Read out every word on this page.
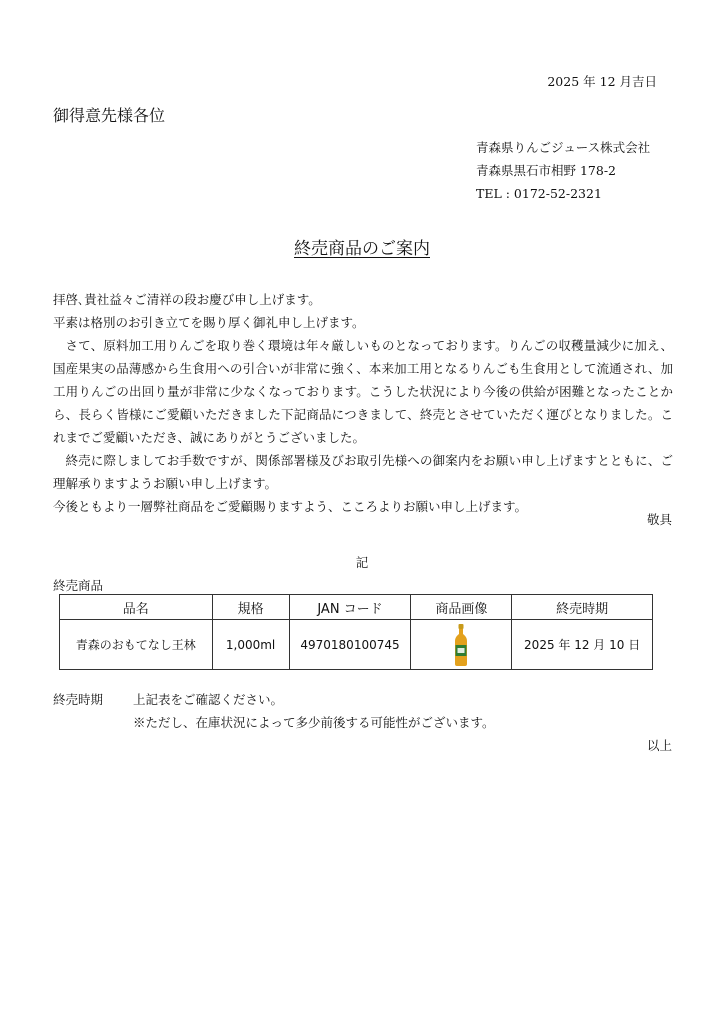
2025 年 12 月吉日
御得意先様各位
青森県りんごジュース株式会社
青森県黒石市相野 178-2
TEL : 0172-52-2321
終売商品のご案内

拝啓､貴社益々ご清祥の段お慶び申し上げます。

平素は格別のお引き立てを賜り厚く御礼申し上げます。

さて、原料加工用りんごを取り巻く環境は年々厳しいものとなっております。りんごの収穫量減少に加え、国産果実の品薄感から生食用への引合いが非常に強く、本来加工用となるりんごも生食用として流通され、加工用りんごの出回り量が非常に少なくなっております。こうした状況により今後の供給が困難となったことから、長らく皆様にご愛顧いただきました下記商品につきまして、終売とさせていただく運びとなりました。これまでご愛顧いただき、誠にありがとうございました。

終売に際しましてお手数ですが、関係部署様及びお取引先様への御案内をお願い申し上げますとともに、ご理解承りますようお願い申し上げます。

今後ともより一層弊社商品をご愛顧賜りますよう、こころよりお願い申し上げます。

敬具
記
終売商品
品名	規格	JAN コード	商品画像	終売時期
青森のおもてなし王林	1,000ml	4970180100745		2025 年 12 月 10 日
終売時期 上記表をご確認ください。
※ただし、在庫状況によって多少前後する可能性がございます。
以上
